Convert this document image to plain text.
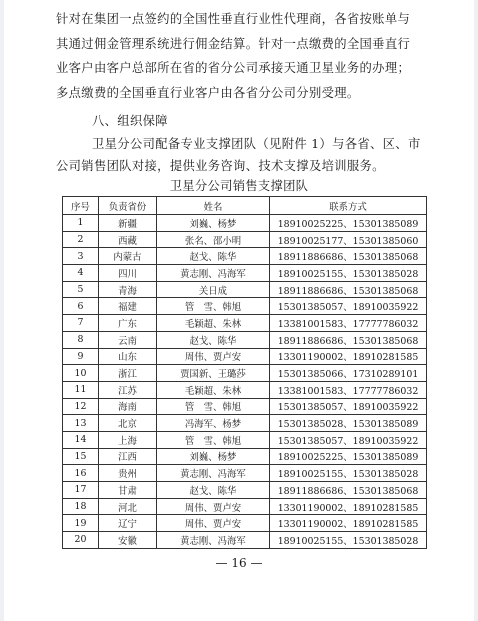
针对在集团一点签约的全国性垂直行业性代理商，各省按账单与

其通过佣金管理系统进行佣金结算。针对一点缴费的全国垂直行

业客户由客户总部所在省的省分公司承接天通卫星业务的办理；

多点缴费的全国垂直行业客户由各省分公司分别受理。

八、组织保障

卫星分公司配备专业支撑团队（见附件 1）与各省、区、市

公司销售团队对接，提供业务咨询、技术支撑及培训服务。

卫星分公司销售支撑团队

序号	负责省份	姓名	联系方式
1	新疆	刘巍、杨梦	18910025225、15301385089
2	西藏	张名、邵小明	18910025177、15301385060
3	内蒙古	赵戈、陈华	18911886686、15301385068
4	四川	黄志刚、冯海军	18910025155、15301385028
5	青海	关日成	18911886686、15301385068
6	福建	管　雪、韩旭	15301385057、18910035922
7	广东	毛颖超、朱林	13381001583、17777786032
8	云南	赵戈、陈华	18911886686、15301385068
9	山东	周伟、贾卢安	13301190002、18910281585
10	浙江	贾国新、王璐莎	15301385066、17310289101
11	江苏	毛颖超、朱林	13381001583、17777786032
12	海南	管　雪、韩旭	15301385057、18910035922
13	北京	冯海军、杨梦	15301385028、15301385089
14	上海	管　雪、韩旭	15301385057、18910035922
15	江西	刘巍、杨梦	18910025225、15301385089
16	贵州	黄志刚、冯海军	18910025155、15301385028
17	甘肃	赵戈、陈华	18911886686、15301385068
18	河北	周伟、贾卢安	13301190002、18910281585
19	辽宁	周伟、贾卢安	13301190002、18910281585
20	安徽	黄志刚、冯海军	18910025155、15301385028

— 16 —
